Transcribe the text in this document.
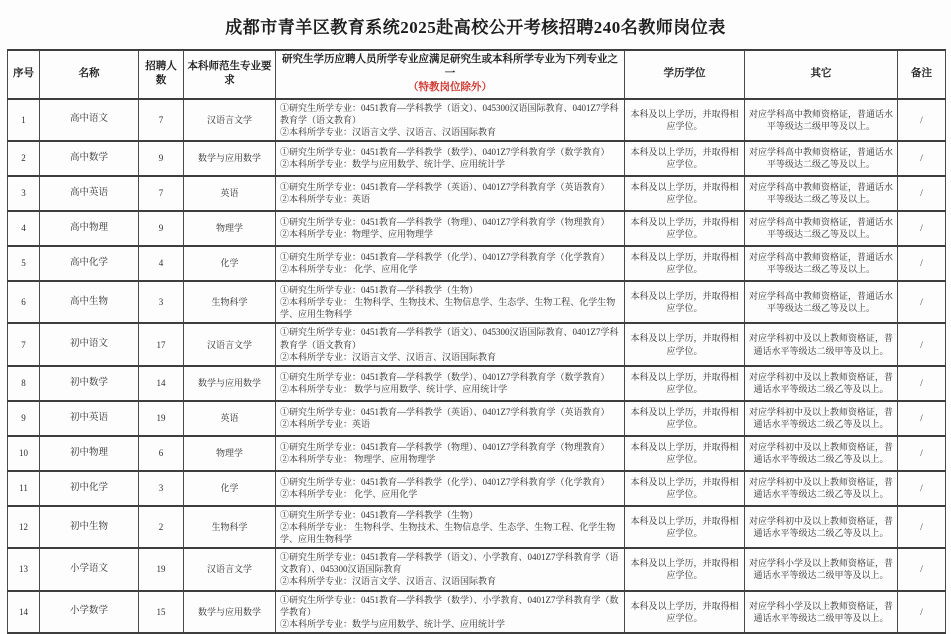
成都市青羊区教育系统2025赴高校公开考核招聘240名教师岗位表
序号	名称	招聘人数	本科师范生专业要求	研究生学历应聘人员所学专业应满足研究生或本科所学专业为下列专业之一
（特教岗位除外）	学历学位	其它	备注
1	高中语文	7	汉语言文学	①研究生所学专业：0451教育—学科教学（语文）、045300汉语国际教育、0401Z7学科教育学（语文教育）
②本科所学专业：汉语言文学、汉语言、汉语国际教育	本科及以上学历，并取得相应学位。	对应学科高中教师资格证，普通话水平等级达二级甲等及以上。	/
2	高中数学	9	数学与应用数学	①研究生所学专业：0451教育—学科教学（数学）、0401Z7学科教育学（数学教育）
②本科所学专业：数学与应用数学、统计学、应用统计学	本科及以上学历，并取得相应学位。	对应学科高中教师资格证，普通话水平等级达二级乙等及以上。	/
3	高中英语	7	英语	①研究生所学专业：0451教育—学科教学（英语）、0401Z7学科教育学（英语教育）
②本科所学专业：英语	本科及以上学历，并取得相应学位。	对应学科高中教师资格证，普通话水平等级达二级乙等及以上。	/
4	高中物理	9	物理学	①研究生所学专业：0451教育—学科教学（物理）、0401Z7学科教育学（物理教育）
②本科所学专业：物理学、应用物理学	本科及以上学历，并取得相应学位。	对应学科高中教师资格证，普通话水平等级达二级乙等及以上。	/
5	高中化学	4	化学	①研究生所学专业：0451教育—学科教学（化学）、0401Z7学科教育学（化学教育）
②本科所学专业： 化学、应用化学	本科及以上学历，并取得相应学位。	对应学科高中教师资格证，普通话水平等级达二级乙等及以上。	/
6	高中生物	3	生物科学	①研究生所学专业：0451教育—学科教学（生物）
②本科所学专业： 生物科学、生物技术、生物信息学、生态学、生物工程、化学生物学、应用生物科学	本科及以上学历，并取得相应学位。	对应学科高中教师资格证，普通话水平等级达二级乙等及以上。	/
7	初中语文	17	汉语言文学	①研究生所学专业：0451教育—学科教学（语文）、045300汉语国际教育、0401Z7学科教育学（语文教育）
②本科所学专业：汉语言文学、汉语言、汉语国际教育	本科及以上学历，并取得相应学位。	对应学科初中及以上教师资格证，普通话水平等级达二级甲等及以上。	/
8	初中数学	14	数学与应用数学	①研究生所学专业：0451教育—学科教学（数学）、0401Z7学科教育学（数学教育）
②本科所学专业： 数学与应用数学、统计学、应用统计学	本科及以上学历，并取得相应学位。	对应学科初中及以上教师资格证，普通话水平等级达二级乙等及以上。	/
9	初中英语	19	英语	①研究生所学专业：0451教育—学科教学（英语）、0401Z7学科教育学（英语教育）
②本科所学专业：英语	本科及以上学历，并取得相应学位。	对应学科初中及以上教师资格证，普通话水平等级达二级乙等及以上。	/
10	初中物理	6	物理学	①研究生所学专业：0451教育—学科教学（物理）、0401Z7学科教育学（物理教育）
②本科所学专业： 物理学、应用物理学	本科及以上学历，并取得相应学位。	对应学科初中及以上教师资格证，普通话水平等级达二级乙等及以上。	/
11	初中化学	3	化学	①研究生所学专业：0451教育—学科教学（化学）、0401Z7学科教育学（化学教育）
②本科所学专业： 化学、应用化学	本科及以上学历，并取得相应学位。	对应学科初中及以上教师资格证，普通话水平等级达二级乙等及以上。	/
12	初中生物	2	生物科学	①研究生所学专业：0451教育—学科教学（生物）
②本科所学专业： 生物科学、生物技术、生物信息学、生态学、生物工程、化学生物学、应用生物科学	本科及以上学历，并取得相应学位。	对应学科初中及以上教师资格证，普通话水平等级达二级乙等及以上。	/
13	小学语文	19	汉语言文学	①研究生所学专业：0451教育—学科教学（语文）、小学教育、0401Z7学科教育学（语文教育）、045300汉语国际教育
②本科所学专业：汉语言文学、汉语言、汉语国际教育	本科及以上学历，并取得相应学位。	对应学科小学及以上教师资格证，普通话水平等级达二级甲等及以上。	/
14	小学数学	15	数学与应用数学	①研究生所学专业：0451教育—学科教学（数学）、小学教育、0401Z7学科教育学（数学教育）
②本科所学专业：数学与应用数学、统计学、应用统计学	本科及以上学历，并取得相应学位。	对应学科小学及以上教师资格证，普通话水平等级达二级甲等及以上。	/
